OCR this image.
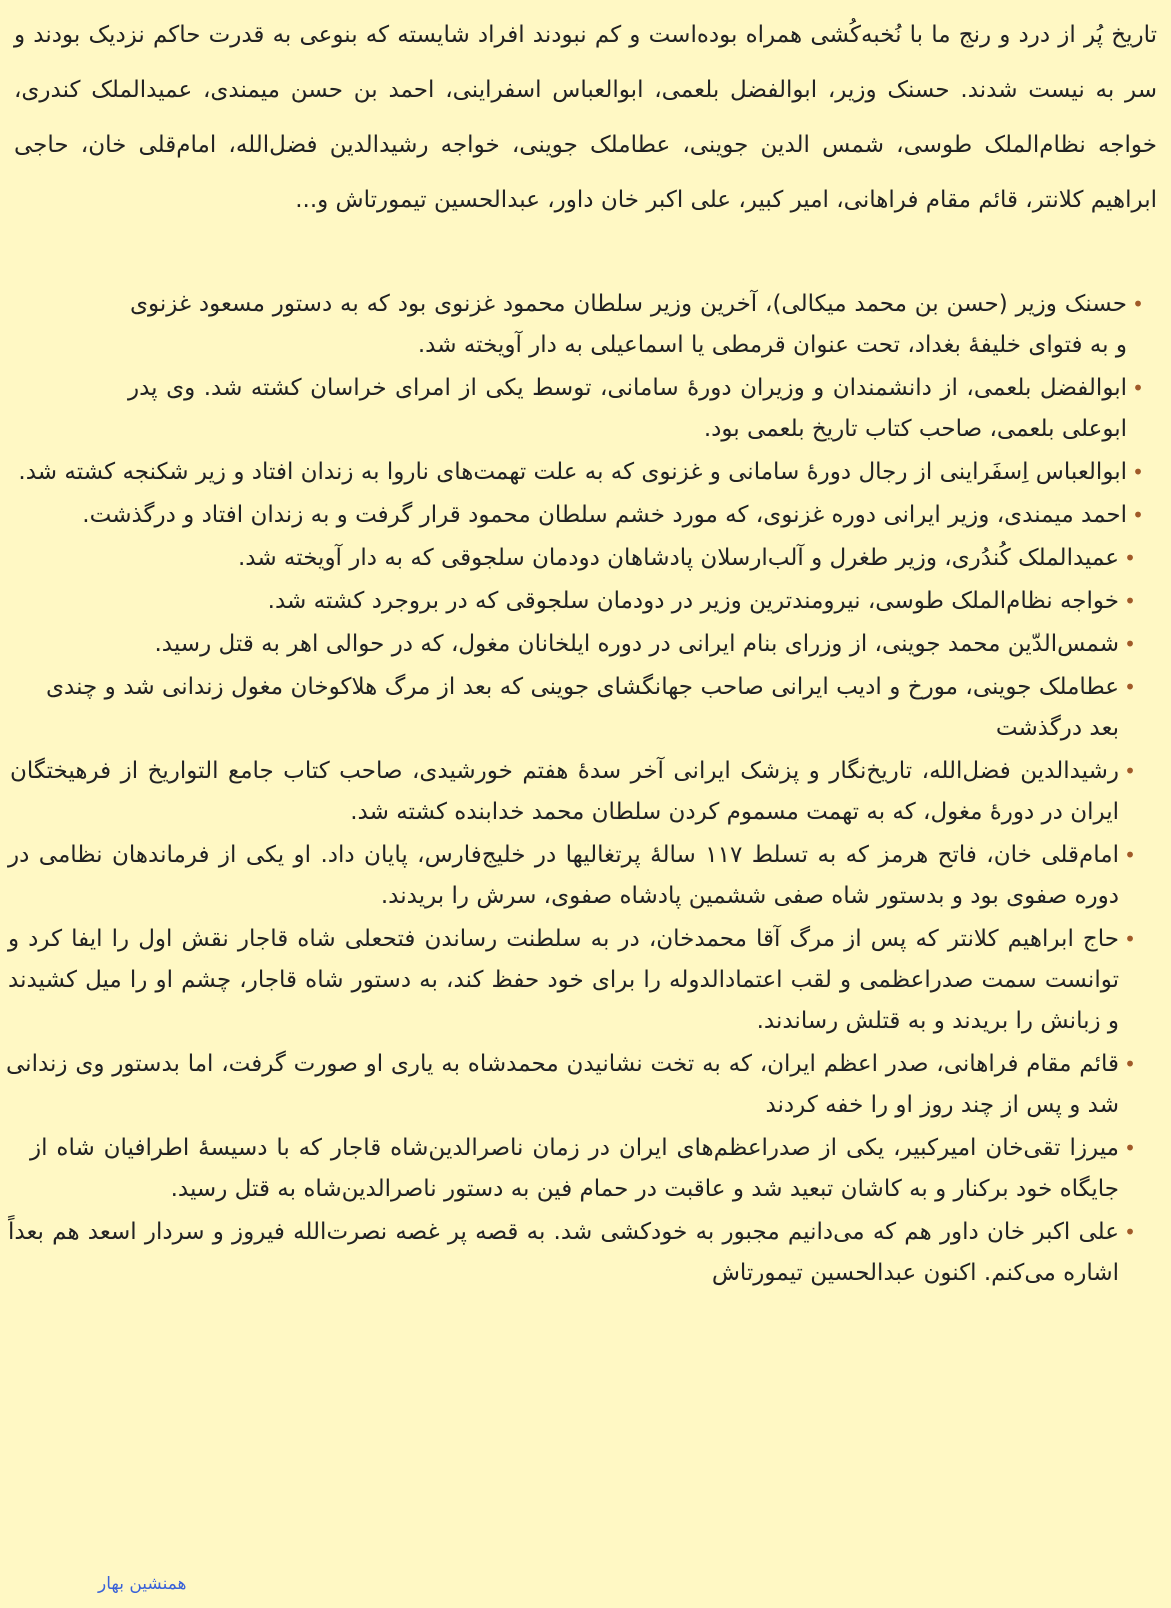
تاریخ پُر از درد و رنج ما با نُخبه‌کُشی همراه بوده‌است و کم نبودند افراد شایسته که بنوعی به قدرت حاکم نزدیک بودند و سر به نیست شدند. حسنک وزیر، ابوالفضل بلعمی، ابوالعباس اسفراینی، احمد بن حسن میمندی، عمیدالملک کندری، خواجه نظام‌الملک طوسی، شمس الدین جوینی، عطاملک جوینی، خواجه رشیدالدین فضل‌الله، امام‌قلی خان، حاجی ابراهیم کلانتر، قائم مقام فراهانی، امیر کبیر، علی اکبر خان داور، عبدالحسین تیمورتاش و...

•
حسنک وزیر (حسن بن محمد میکالی)، آخرین وزیر سلطان محمود غزنوی بود که به دستور مسعود غزنوی و به فتوای خلیفهٔ بغداد، تحت عنوان قرمطی یا اسماعیلی به دار آویخته شد.
•
ابوالفضل بلعمی، از دانشمندان و وزیران دورهٔ سامانی، توسط یکی از امرای خراسان کشته شد. وی پدر ابوعلی بلعمی، صاحب کتاب تاریخ بلعمی بود.
•
ابوالعباس اِسفَراینی از رجال دورهٔ سامانی و غزنوی که به علت تهمت‌های ناروا به زندان افتاد و زیر شکنجه کشته شد.
•
احمد میمندی، وزیر ایرانی دوره غزنوی، که مورد خشم سلطان محمود قرار گرفت و به زندان افتاد و درگذشت.
•
عمیدالملک کُندُری، وزیر طغرل و آلب‌ارسلان پادشاهان دودمان سلجوقی که به دار آویخته شد.
•
خواجه نظام‌الملک طوسی، نیرومندترین وزیر در دودمان سلجوقی که در بروجرد کشته شد.
•
شمس‌الدّین محمد جوینی، از وزرای بنام ایرانی در دوره ایلخانان مغول، که در حوالی اهر به قتل رسید.
•
عطاملک جوینی، مورخ و ادیب ایرانی صاحب جهانگشای جوینی که بعد از مرگ هلاکوخان مغول زندانی شد و چندی بعد درگذشت
•
رشیدالدین فضل‌الله، تاریخ‌نگار و پزشک ایرانی آخر سدهٔ هفتم خورشیدی، صاحب کتاب جامع التواریخ از فرهیختگان ایران در دورهٔ مغول، که به تهمت مسموم کردن سلطان محمد خدابنده کشته شد.
•
امام‌قلی خان، فاتح هرمز که به تسلط ۱۱۷ سالهٔ پرتغالیها در خلیج‌فارس، پایان داد. او یکی از فرماندهان نظامی در دوره صفوی بود و بدستور شاه صفی ششمین پادشاه صفوی، سرش را بریدند.
•
حاج ابراهیم کلانتر که پس از مرگ آقا محمدخان، در به سلطنت رساندن فتحعلی شاه قاجار نقش اول را ایفا کرد و توانست سمت صدراعظمی و لقب اعتمادالدوله را برای خود حفظ کند، به دستور شاه قاجار، چشم او را میل کشیدند و زبانش را بریدند و به قتلش رساندند.
•
قائم مقام فراهانی، صدر اعظم ایران، که به تخت نشانیدن محمدشاه به یاری او صورت گرفت، اما بدستور وی زندانی شد و پس از چند روز او را خفه کردند
•
میرزا تقی‌خان امیرکبیر، یکی از صدراعظم‌های ایران در زمان ناصرالدین‌شاه قاجار که با دسیسهٔ اطرافیان شاه از جایگاه خود برکنار و به کاشان تبعید شد و عاقبت در حمام فین به دستور ناصرالدین‌شاه به قتل رسید.
•
علی اکبر خان داور هم که می‌دانیم مجبور به خودکشی شد. به قصه پر غصه نصرت‌الله فیروز و سردار اسعد هم بعداً اشاره می‌کنم. اکنون عبدالحسین تیمورتاش
همنشین بهار
